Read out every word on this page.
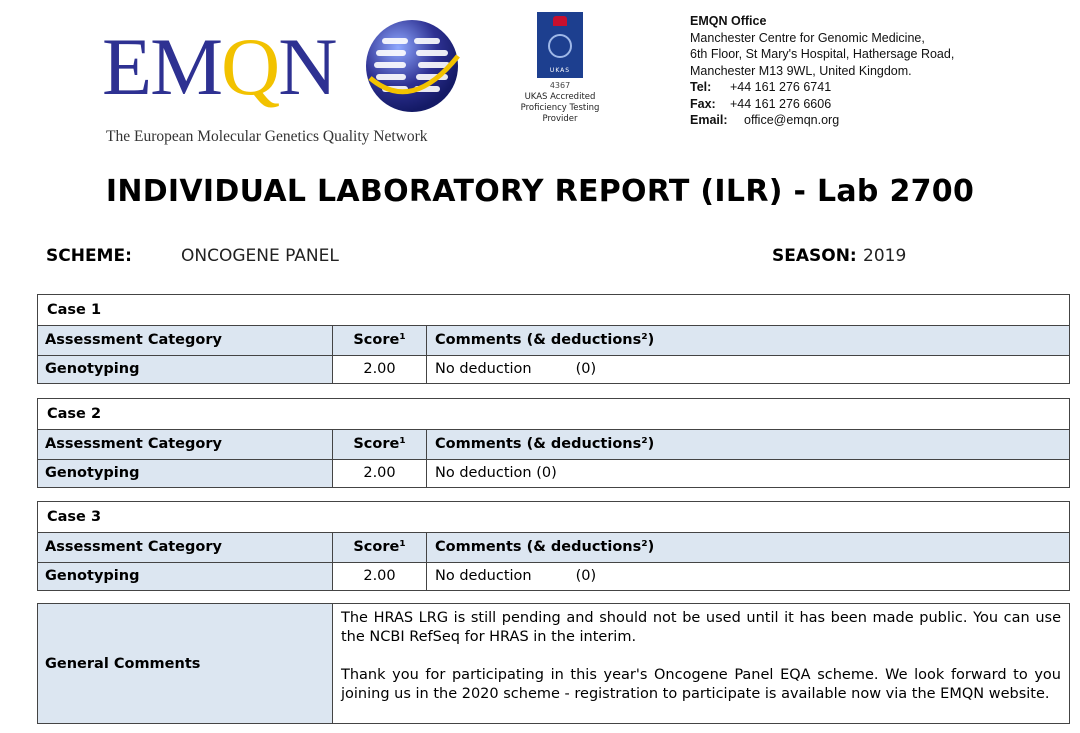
EMQN
The European Molecular Genetics Quality Network
UKAS
4367
UKAS Accredited
Proficiency Testing
Provider
EMQN Office
Manchester Centre for Genomic Medicine,
6th Floor, St Mary's Hospital, Hathersage Road,
Manchester M13 9WL, United Kingdom.
Tel: +44 161 276 6741
Fax: +44 161 276 6606
Email: office@emqn.org
INDIVIDUAL LABORATORY REPORT (ILR) - Lab 2700
SCHEME:	ONCOGENE PANEL	SEASON: 2019
Case 1
Assessment Category	Score¹	Comments (& deductions²)
Genotyping	2.00	No deduction	(0)
Case 2
Assessment Category	Score¹	Comments (& deductions²)
Genotyping	2.00	No deduction (0)
Case 3
Assessment Category	Score¹	Comments (& deductions²)
Genotyping	2.00	No deduction	(0)
General Comments

The HRAS LRG is still pending and should not be used until it has been made public. You can use the NCBI RefSeq for HRAS in the interim.

Thank you for participating in this year's Oncogene Panel EQA scheme. We look forward to you joining us in the 2020 scheme - registration to participate is available now via the EMQN website.
